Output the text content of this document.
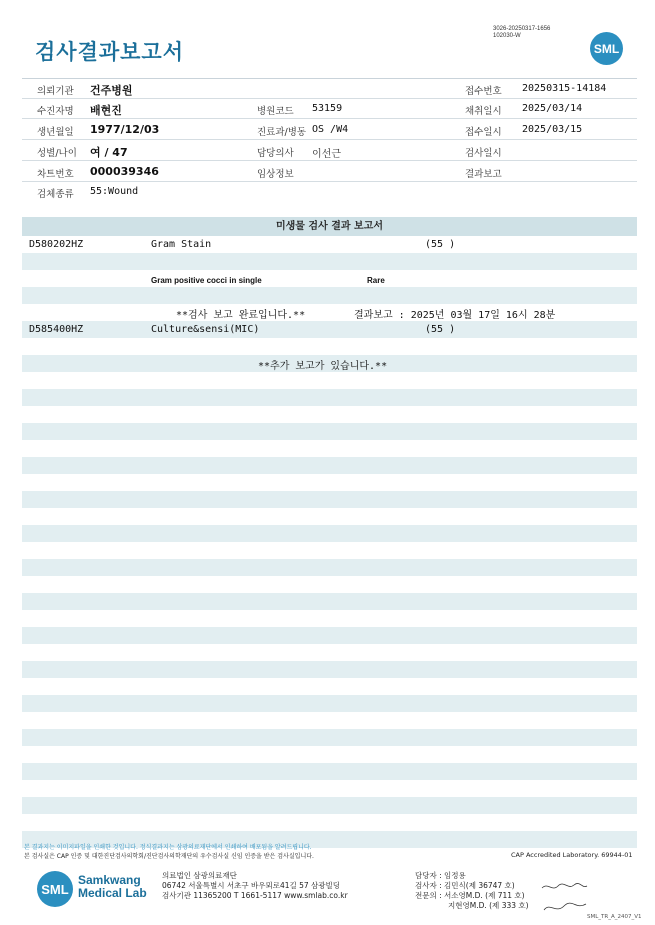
검사결과보고서
3026-20250317-1656
102030-W
SML
의뢰기관 건주병원	접수번호 20250315-14184
수진자명 배현진	병원코드 53159	채취일시 2025/03/14
생년월일 1977/12/03	진료과/병동 OS /W4	접수일시 2025/03/15
성별/나이 여 / 47	담당의사 이선근	검사일시
차트번호 000039346	임상정보	결과보고
검체종류 55:Wound
미생물 검사 결과 보고서
D580202HZ	Gram Stain	(55 )
Gram positive cocci in single	Rare
**검사 보고 완료입니다.**	결과보고 : 2025년 03월 17일 16시 28분
D585400HZ	Culture&sensi(MIC)	(55 )
**추가 보고가 있습니다.**
본 결과지는 이미지파일을 인쇄한 것입니다. 정식결과지는 삼광의료재단에서 인쇄하여 배포됨을 알려드립니다.
본 검사실은 CAP 인증 및 대한진단검사의학회/진단검사의학재단의 우수검사실 신임 인증을 받은 검사실입니다.	CAP Accredited Laboratory. 69944-01
SML
Samkwang
Medical Lab
의료법인 삼광의료재단
06742 서울특별시 서초구 바우뫼로41길 57 삼광빌딩
검사기관 11365200 T 1661-5117 www.smlab.co.kr
담당자 : 임정용
검사자 : 김민식(제 36747 호)
전문의 : 서소영M.D. (제 711 호)
지현영M.D. (제 333 호)
SML_TR_A_2407_V1
